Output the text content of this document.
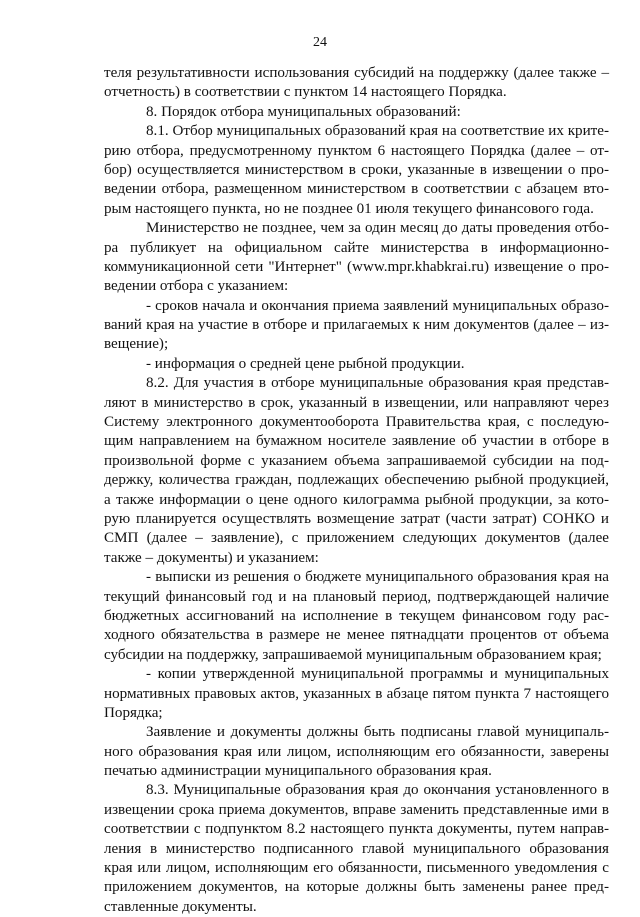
24
теля результативности использования субсидий на поддержку (далее также –
отчетность) в соответствии с пунктом 14 настоящего Порядка.
8. Порядок отбора муниципальных образований:
8.1. Отбор муниципальных образований края на соответствие их крите-
рию отбора, предусмотренному пунктом 6 настоящего Порядка (далее – от-
бор) осуществляется министерством в сроки, указанные в извещении о про-
ведении отбора, размещенном министерством в соответствии с абзацем вто-
рым настоящего пункта, но не позднее 01 июля текущего финансового года.
Министерство не позднее, чем за один месяц до даты проведения отбо-
ра публикует на официальном сайте министерства в информационно-
коммуникационной сети "Интернет" (www.mpr.khabkrai.ru) извещение о про-
ведении отбора с указанием:
- сроков начала и окончания приема заявлений муниципальных образо-
ваний края на участие в отборе и прилагаемых к ним документов (далее – из-
вещение);
- информация о средней цене рыбной продукции.
8.2. Для участия в отборе муниципальные образования края представ-
ляют в министерство в срок, указанный в извещении, или направляют через
Систему электронного документооборота Правительства края, с последую-
щим направлением на бумажном носителе заявление об участии в отборе в
произвольной форме с указанием объема запрашиваемой субсидии на под-
держку, количества граждан, подлежащих обеспечению рыбной продукцией,
а также информации о цене одного килограмма рыбной продукции, за кото-
рую планируется осуществлять возмещение затрат (части затрат) СОНКО и
СМП (далее – заявление), с приложением следующих документов (далее
также – документы) и указанием:
- выписки из решения о бюджете муниципального образования края на
текущий финансовый год и на плановый период, подтверждающей наличие
бюджетных ассигнований на исполнение в текущем финансовом году рас-
ходного обязательства в размере не менее пятнадцати процентов от объема
субсидии на поддержку, запрашиваемой муниципальным образованием края;
- копии утвержденной муниципальной программы и муниципальных
нормативных правовых актов, указанных в абзаце пятом пункта 7 настоящего
Порядка;
Заявление и документы должны быть подписаны главой муниципаль-
ного образования края или лицом, исполняющим его обязанности, заверены
печатью администрации муниципального образования края.
8.3. Муниципальные образования края до окончания установленного в
извещении срока приема документов, вправе заменить представленные ими в
соответствии с подпунктом 8.2 настоящего пункта документы, путем направ-
ления в министерство подписанного главой муниципального образования
края или лицом, исполняющим его обязанности, письменного уведомления с
приложением документов, на которые должны быть заменены ранее пред-
ставленные документы.
